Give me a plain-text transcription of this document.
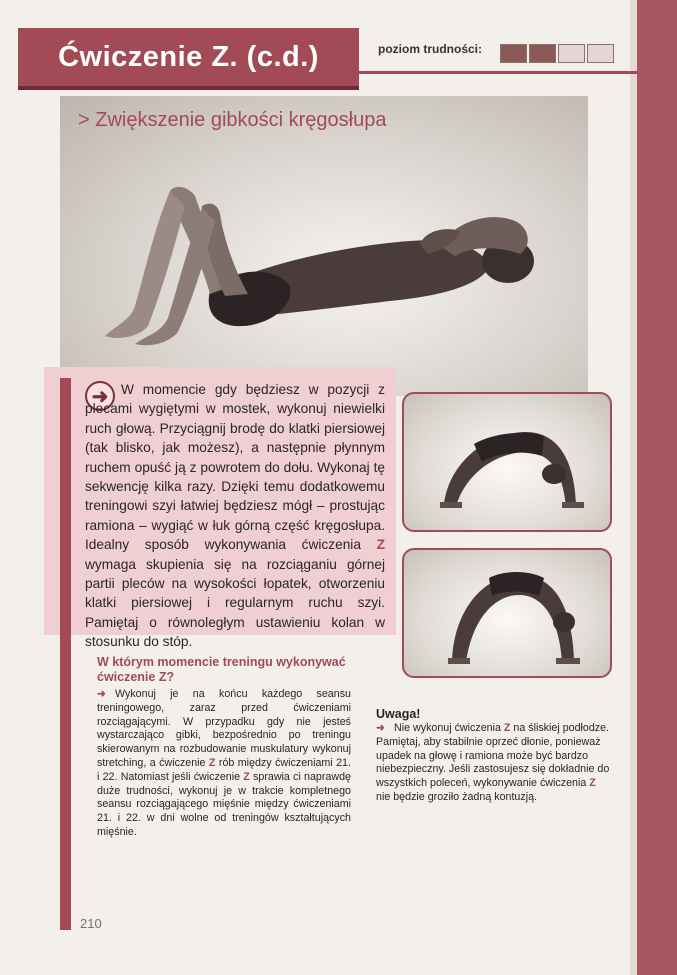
Ćwiczenie Z. (c.d.)	poziom trudności:
> Zwiększenie gibkości kręgosłupa
➜ W momencie gdy będziesz w pozycji z plecami wygiętymi w mostek, wykonuj niewielki ruch głową. Przyciągnij brodę do klatki piersiowej (tak blisko, jak możesz), a następnie płynnym ruchem opuść ją z powrotem do dołu. Wykonaj tę sekwencję kilka razy. Dzięki temu dodatkowemu treningowi szyi łatwiej będziesz mógł – prostując ramiona – wygiąć w łuk górną część kręgosłupa. Idealny sposób wykonywania ćwiczenia Z wymaga skupienia się na rozciąganiu górnej partii pleców na wysokości łopatek, otworzeniu klatki piersiowej i regularnym ruchu szyi. Pamiętaj o równoległym ustawieniu kolan w stosunku do stóp.
W którym momencie treningu wykonywać ćwiczenie Z?
➜ Wykonuj je na końcu każdego seansu treningowego, zaraz przed ćwiczeniami rozciągającymi. W przypadku gdy nie jesteś wystarczająco gibki, bezpośrednio po treningu skierowanym na rozbudowanie muskulatury wykonuj stretching, a ćwiczenie Z rób między ćwiczeniami 21. i 22. Natomiast jeśli ćwiczenie Z sprawia ci naprawdę duże trudności, wykonuj je w trakcie kompletnego seansu rozciągającego mięśnie między ćwiczeniami 21. i 22. w dni wolne od treningów kształtujących mięśnie.
Uwaga!
➜ Nie wykonuj ćwiczenia Z na śliskiej podłodze. Pamiętaj, aby stabilnie oprzeć dłonie, ponieważ upadek na głowę i ramiona może być bardzo niebezpieczny. Jeśli zastosujesz się dokładnie do wszystkich poleceń, wykonywanie ćwiczenia Z nie będzie groziło żadną kontuzją.
210
